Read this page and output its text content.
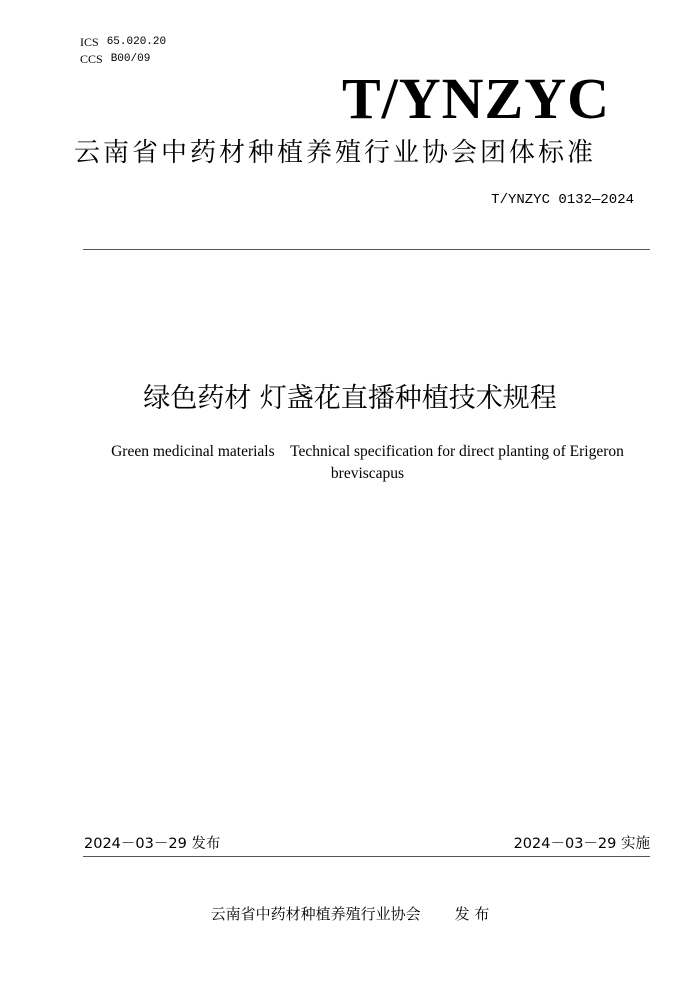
ICS 65.020.20
CCS B00/09
T/YNZYC
云南省中药材种植养殖行业协会团体标准
T/YNZYC 0132—2024
绿色药材 灯盏花直播种植技术规程
Green medicinal materials　Technical specification for direct planting of Erigeron breviscapus
2024－03－29 发布	2024－03－29 实施
云南省中药材种植养殖行业协会 发 布
